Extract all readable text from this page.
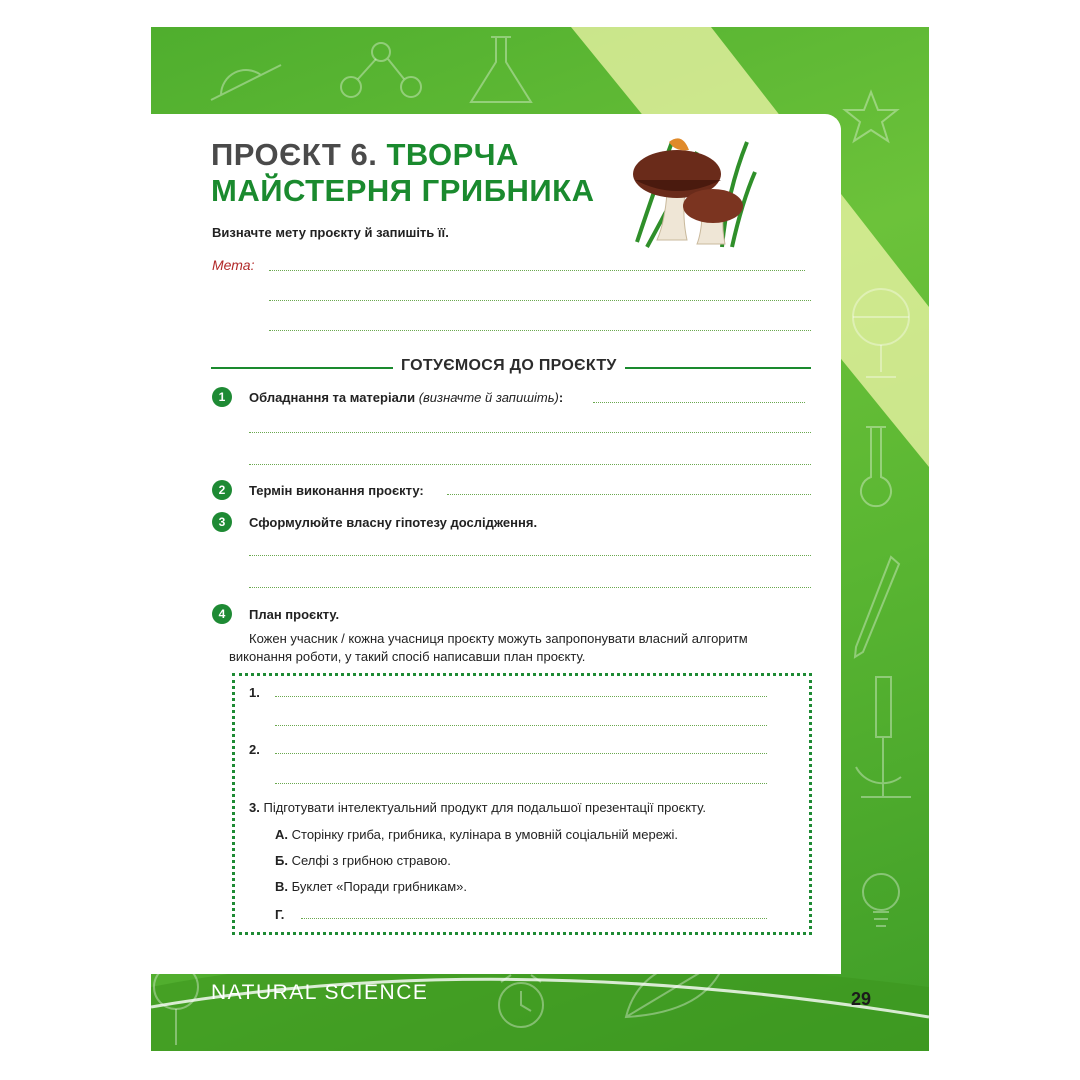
ПРОЄКТ 6. ТВОРЧА
МАЙСТЕРНЯ ГРИБНИКА
Визначте мету проєкту й запишіть її.
Мета:
ГОТУЄМОСЯ ДО ПРОЄКТУ
1	Обладнання та матеріали (визначте й запишіть):
2	Термін виконання проєкту:
3	Сформулюйте власну гіпотезу дослідження.
4	План проєкту.
Кожен учасник / кожна учасниця проєкту можуть запропонувати власний алгоритм
виконання роботи, у такий спосіб написавши план проєкту.
1.
2.
3. Підготувати інтелектуальний продукт для подальшої презентації проєкту.
А. Сторінку гриба, грибника, кулінара в умовній соціальній мережі.
Б. Селфі з грибною стравою.
В. Буклет «Поради грибникам».
Г.
NATURAL SCIENCE	29
